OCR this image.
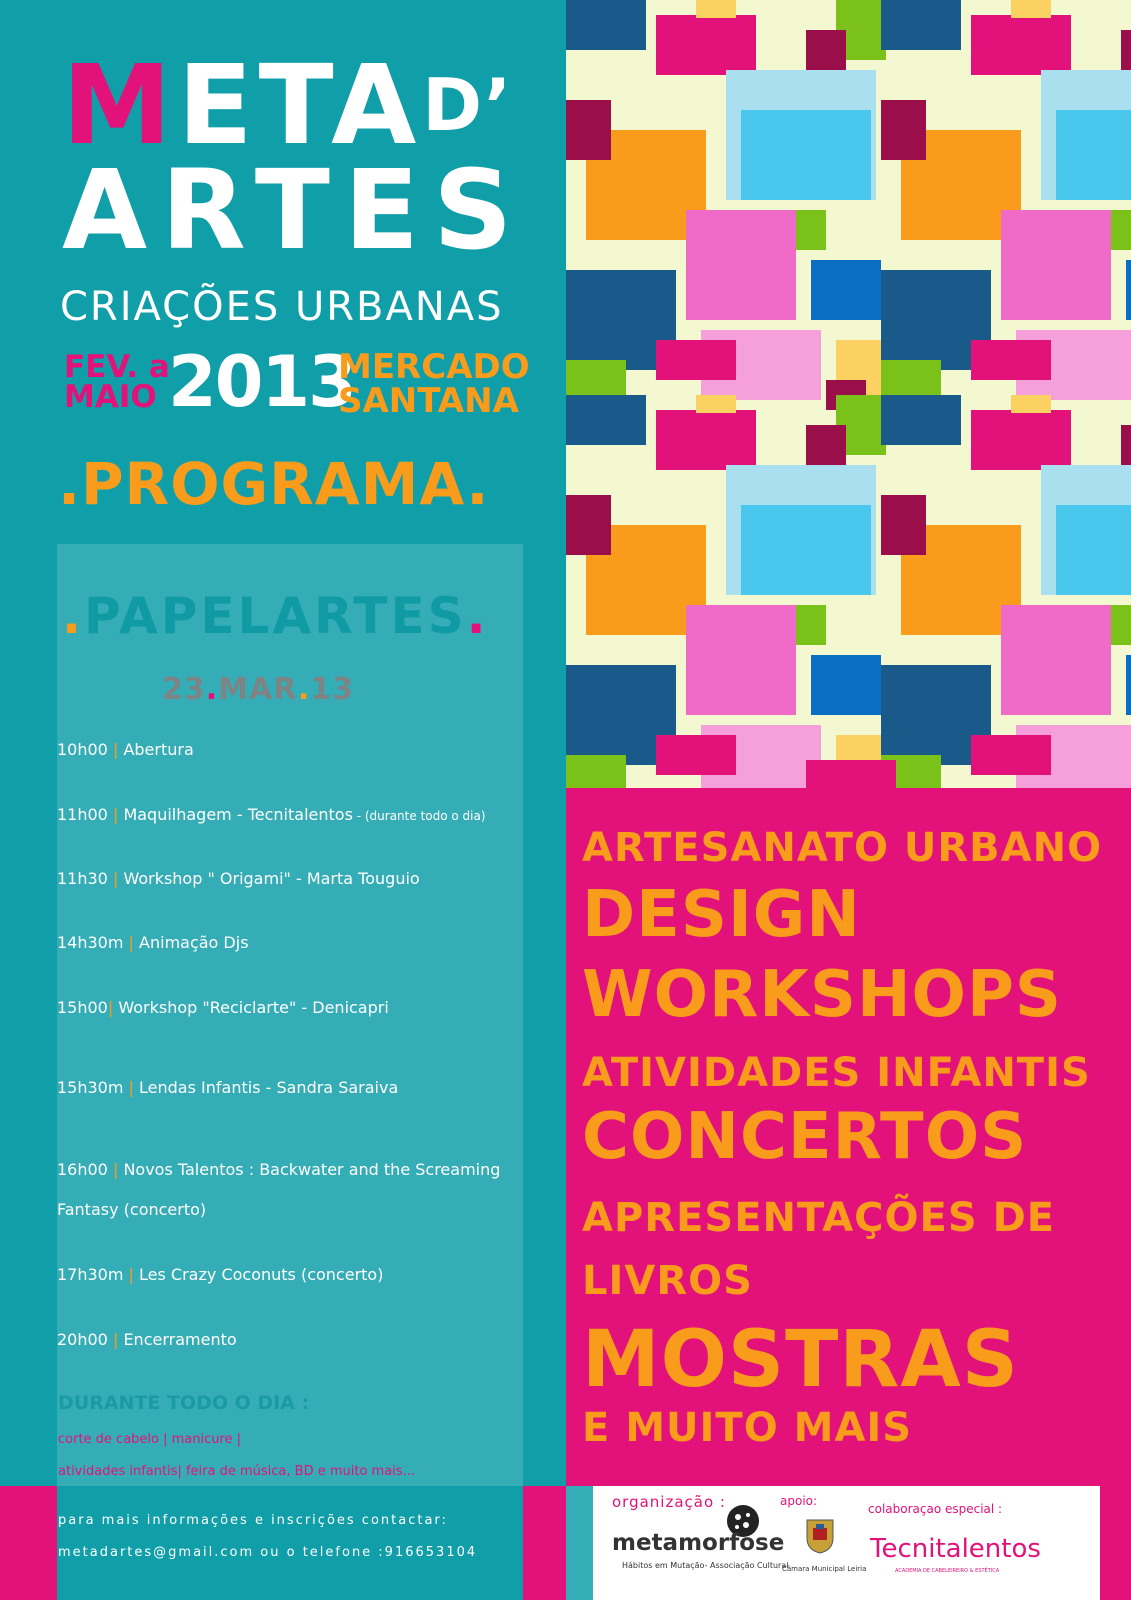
$META^{D’}$
ARTES
CRIAÇÕES URBANAS
FEV. a
MAIO 2013
MERCADO
SANTANA
.PROGRAMA.
.PAPELARTES.
23.MAR.13
10h00 | Abertura
11h00 | Maquilhagem - Tecnitalentos - (durante todo o dia)
11h30 | Workshop " Origami" - Marta Touguio
14h30m | Animação Djs
15h00| Workshop "Reciclarte" - Denicapri
15h30m | Lendas Infantis - Sandra Saraiva
16h00 | Novos Talentos : Backwater and the Screaming
Fantasy (concerto)
17h30m | Les Crazy Coconuts (concerto)
20h00 | Encerramento
DURANTE TODO O DIA :
corte de cabelo | manicure |
atividades infantis| feira de música, BD e muito mais...
ARTESANATO URBANO
DESIGN
WORKSHOPS
ATIVIDADES INFANTIS
CONCERTOS
APRESENTAÇÕES DE
LIVROS
MOSTRAS
E MUITO MAIS
para mais informações e inscrições contactar:
metadartes@gmail.com ou o telefone :916653104
organização :
metamorfose
Hábitos em Mutação- Associação Cultural
apoio:
Câmara Municipal Leiria
colaboraçao especial :
Tecnitalentos
ACADEMIA DE CABELEIREIRO & ESTÉTICA
